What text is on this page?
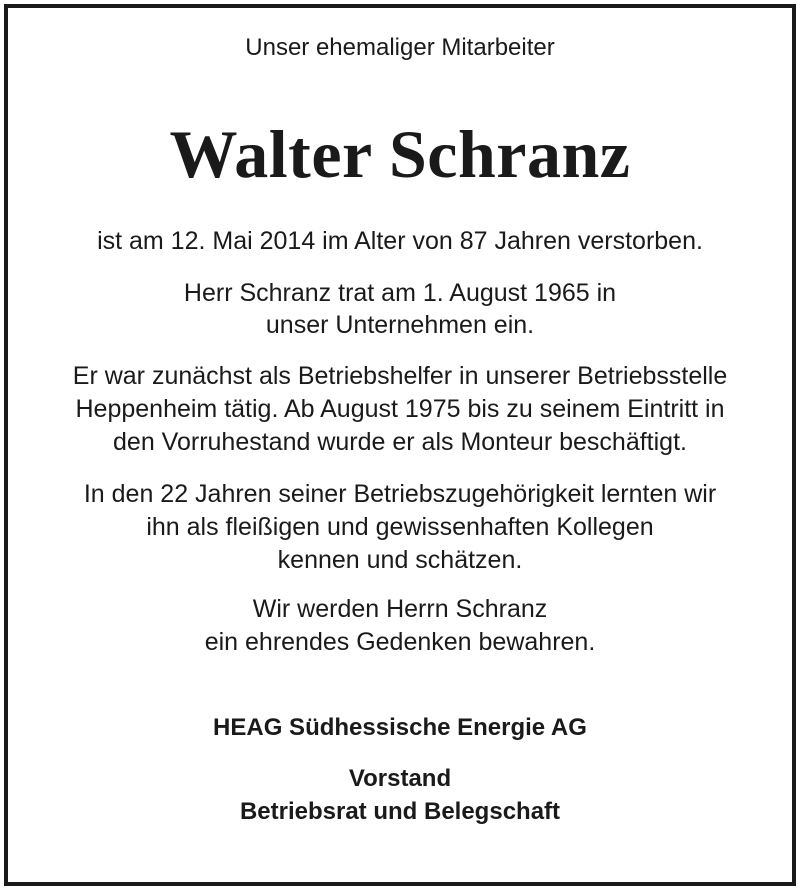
Unser ehemaliger Mitarbeiter

Walter Schranz

ist am 12. Mai 2014 im Alter von 87 Jahren verstorben.

Herr Schranz trat am 1. August 1965 in

unser Unternehmen ein.

Er war zunächst als Betriebshelfer in unserer Betriebsstelle

Heppenheim tätig. Ab August 1975 bis zu seinem Eintritt in

den Vorruhestand wurde er als Monteur beschäftigt.

In den 22 Jahren seiner Betriebszugehörigkeit lernten wir

ihn als fleißigen und gewissenhaften Kollegen

kennen und schätzen.

Wir werden Herrn Schranz

ein ehrendes Gedenken bewahren.

HEAG Südhessische Energie AG

Vorstand

Betriebsrat und Belegschaft
